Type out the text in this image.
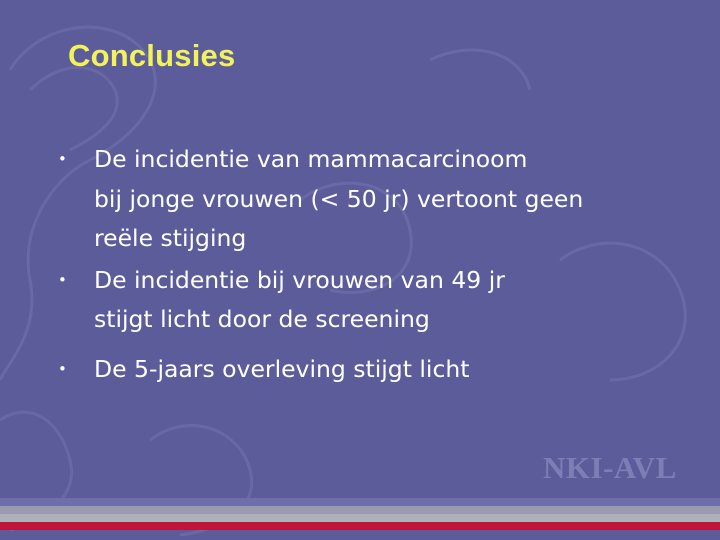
Conclusies
• De incidentie van mammacarcinoom
bij jonge vrouwen (< 50 jr) vertoont geen
reële stijging
• De incidentie bij vrouwen van 49 jr
stijgt licht door de screening
• De 5-jaars overleving stijgt licht
NKI-AVL
